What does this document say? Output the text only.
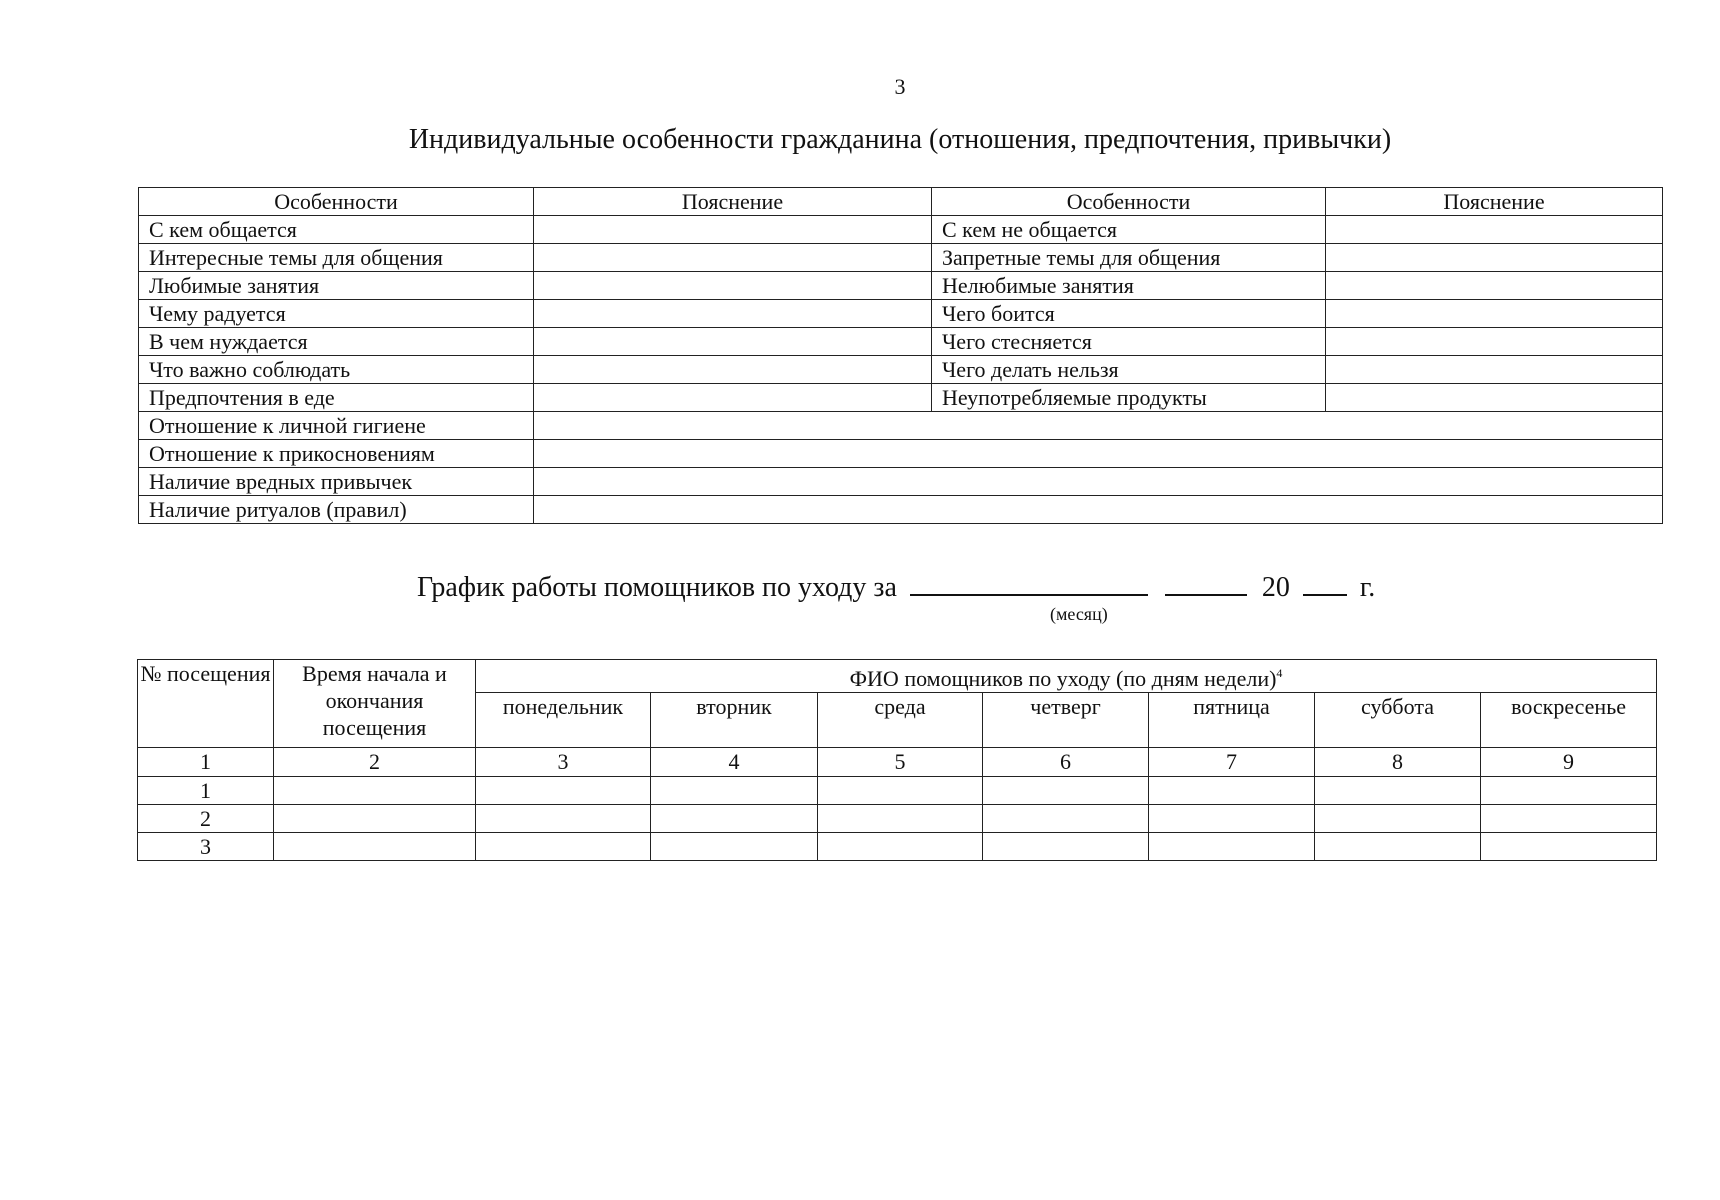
3
Индивидуальные особенности гражданина (отношения, предпочтения, привычки)
Особенности	Пояснение	Особенности	Пояснение
С кем общается		С кем не общается	
Интересные темы для общения		Запретные темы для общения	
Любимые занятия		Нелюбимые занятия	
Чему радуется		Чего боится	
В чем нуждается		Чего стесняется	
Что важно соблюдать		Чего делать нельзя	
Предпочтения в еде		Неупотребляемые продукты	
Отношение к личной гигиене			
Отношение к прикосновениям			
Наличие вредных привычек			
Наличие ритуалов (правил)			
График работы помощников по уходу за	20	г.
(месяц)
№ посещения	Время начала и окончания посещения	ФИО помощников по уходу (по дням недели)$^4$
		понедельник	вторник	среда	четверг	пятница	суббота	воскресенье
1	2	3	4	5	6	7	8	9
1								
2								
3								
